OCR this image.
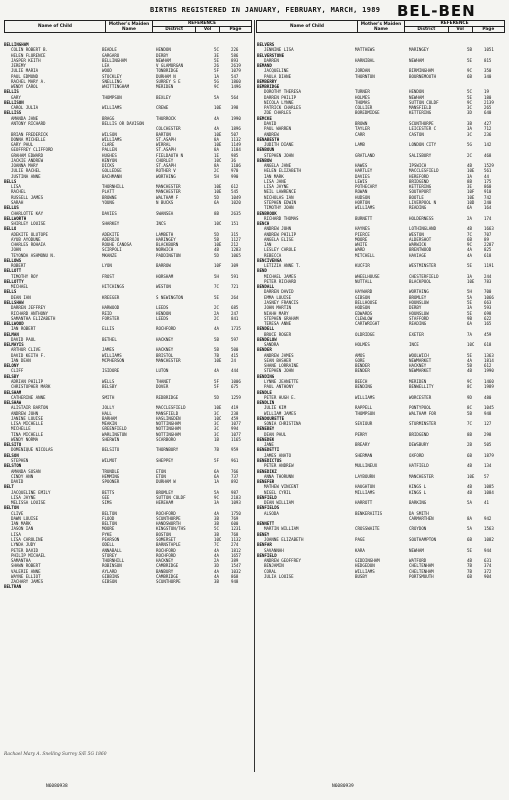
BIRTHS REGISTERED IN JANUARY, FEBRUARY, MARCH, 1989 BEL-BEN
Name of Child	Mother's Maiden Name	REFERENCE		
		District	Vol	Page
Name of Child	Mother's Maiden Name	REFERENCE		
		District	Vol	Page
BELLINGHAM
COLIN ROBERT B.	BEADLE	HENDON	5C	226
HELEN FLORENCE	GARGARO	DERBY	3E	586
JASPER KEITH	BELLINGHAM	NEWHAM	5E	893
JEREMY	LEA	V GLAMORGAN	26	2619
JULIE MARIA	WOOD	TONBRIDGE	5F	1079
PAUL EDMUND	STOCKLEY	DURHAM N	1A	547
RACHEL MARY A.	SNELLING	SURREY S E	5G	1860
WENDY CAROL	WHITTINGHAM	MERIDEN	9C	1496
BELLIS
GARY	THOMPSON	BEXLEY	5A	564
BELLISON
CAROL JULIA	WILLIAMS	CREWE	10E	398
BELLISS
AMANDA JANE	BRAGG	THURROCK	4A	1990
ANTONY RICHARD	BELLIS OR DAVISON
COLCHESTER	4A	1896
BRIAN FREDERICK	WILSON	BARTON	10E	507
DONNA MICHELLE	WILLIAMS	ST.ASAPH	8A	1132
GARY PAUL	CLARE	WIRRAL	10E	1149
GEOFFREY CLIFFORD	PALLEN	ST.ASAPH	8A	1184
GRAHAM EDWARD	HUGHES	FIELDAUTH N	1E	985
JACKIE ANDREW	KENYON	CHORLEY	10C	36
JOANNA MARY	DICKS	ST.ASAPH	8A	1106
JULIE RACHEL	GOLLEDGE	ROTHER V	2C	970
JUSTINA ANNE	BACHMANN	WORTHING	5H	990
BELLS
LISA	THORNHILL	MANCHESTER	10E	612
RACHEL	PLATT	MANCHESTER	10E	545
RUSSELL JAMES	BROWNE	WALTHAM F	5D	1049
SARAH	YOUNG	N BUCKS	6A	1020
BELLUS
CHARLOTTE KAY	DAVIES	SWANSEA	8B	2635
BELLWORTH
SHIRLEY LOUISE	SHARKEY	INCS	10C	151
BELLO
ADEKITE OLUTOPE	ADEKITE	LAMBETH	5D	315
AYUB AYODUNE	ADEROJU	HARINGEY	5B	1127
CHARLES ROHAIA	ROUHE CANOSA	BLACKBURN	10E	212
JOHN	SCIRPOLI	NORWICH	4B	1283
TEYONDA ASHMONU N.	MKANZE	PADDINGTON	5D	1065
BELLOWS
ROBERT	LYON	BARROW	10F	309
BELLOTT
TIMOTHY ROY	FROST	HORSHAM	5H	591
BELLOTTY
MICHAEL	HITCHINGS	WESTON	7C	721
BELLS
DEAN IAN	KREEGER	S NEWINGTON	5E	264
BELLSHAW
DARREN JEFFREY	HARWOOD	LEEDS	2C	685
RICHARD ANTHONY	REID	HENDON	2A	247
SAMANTHA ELIZABETH	FORSTER	LEEDS	2C	841
BELLWOOD
IAN ROBERT	ELLIS	ROCHFORD	4A	1735
BELMAN
DAVID PAUL	BETHEL	HACKNEY	5B	597
BELMAYIS
ARTHUR CLIVE	JAMES	HACKNEY	5B	500
DAVID KEITH F.	WILLIAMS	BRISTOL	7B	415
IAN DEAN	MCPHERSON	MANCHESTER	10E	24
BELONY
CLIFF	ISIDORE	LUTON	4A	444
BELSBY
ADRIAN PHILIP	WELLS	THANET	5F	1006
CHRISTOPHER MARK	BELSBY	DOVER	5F	675
BELSHAM
CATHERINE ANNE	SMITH	REDBRIDGE	5D	1259
BELSHAW
ALISTAIR BARTON	JOLLY	MACCLESFIELD	10E	419
ANDREW JOHN	HALL	MANSFIELD	3C	238
JANINE LOUISE	BARHAM	HASLINGDEN	10C	459
LISA MICHELLE	MEAKIN	NOTTINGHAM	3C	1077
MICHELLE	GREENFIELD	NOTTINGHAM	3C	994
TINA MICHELLE	WARLINGTON	NOTTINGHAM	3C	1077
WENDY NORMA	SHERWIN	SCARBORO	1B	1165
BELSITO
DOMENIQUE NICOLAS	BELSITO	THORNBURY	7B	959
BELSON
STEPHEN	WILMOT	SHEPPEY	5F	961
BELSTON
AMANDA SUSAN	TRUNDLE	ETON	6A	766
CINDY ANN	HEMMING	ETON	6A	737
DAVID	SPOONER	DURHAM W	1A	892
BELT
JACQUELINE EMILY	BETTS	BROMLEY	5A	987
LISA JAYNE	GEE	SUTTON COLDF	9C	2183
MELISSA LOUISE	SIMS	HEREHAM	3A	1093
BELTON
CLIVE	BELTON	ROCHFORD	4A	1750
DAWN LOUISE	FLOOD	SCUNTHORPE	3B	769
IAN MARK	BELTON	HANDSWORTH	3B	600
JASON IAN	MOORE	KINGSTON/THS	5C	1231
LISA	PYKE	BOSTON	3B	768
LISA CAROLINE	PEARSON	SOMERSET	10C	1132
LYNDA JUDY	ODELL	BARNSTAPLE	7C	274
PETER DAVID	ANNABALL	ROCHFORD	4A	1812
PHILIP MICHAEL	STOREY	ROCHFORD	4A	1657
SAMANTHA	THORNHILL	HACKNEY	2A	389
SHAWN ROBERT	ROBINSON	CAMBRIDGE	3D	1547
VALERIE ANNE	AYLARD	BANBURY	4A	1032
WAYNE ELLIOT	GIBBINS	CAMBRIDGE	4A	868
ZACHARY JAMES	GIBSON	SCUNTHORPE	3B	948
BELTRAN
BELVERS
JENNINE LISA	MATTHEWS	MARINGEY	5B	1051
BELVERSTONE
DARREN	HARNIBAL	NEWHAM	5E	815
BEMAND
JACQUELINE	JORDAN	BIRMINGHAM	9C	350
PAULA DIANE	THORNTON	BOURNEMOUTH	6B	340
BEMBERRY
BEMBRIDGE
DOROTHY THERESA	TURNER	HENDON	5C	19
DARREN PHILIP	HOLMES	NEWHAM	5E	180
NICOLA LYNNE	THOMAS	SUTTON COLDF	9C	2139
PATRICK CHARLES	COLLIER	MANSFIELD	3C	265
ZOE CHARLES	BOREDMIDGE	KETTERING	3D	640
BEMCKE
DAVID	BROWN	SCUNTHORPE	3B	427
PAUL WARREN	TAYLER	LEICESTER C	3A	712
ANDREW	CARR	CASTON	3C	236
BENABESTH
JUDITH DIANE	LAMB	LONDON CITY	5G	142
BENBOUN
STEPHEN JOHN	GRATLAND	SALISBURY	2C	468
BENBOW
ANGELA JANE	HAWES	IPSWICH	4B	1529
HELEN ELIZABETH	HARTLEY	MACCLESFIELD	10E	561
IAN MARK	DAVIES	HEREFORD	3A	44
LISA JANE	LEWIS	BRIDGEND	8B	175
LISA JAYNE	POTHECARY	KETTERING	3E	860
NEIL LAWRENCE	ROWAN	SOUTHPORT	10F	910
NICHOLAS IAN	HUDSON	BOOTLE	10E	742
STEPHEN EDWIN	HORTON	LIVERPOOL N	10D	240
TIMOTHY JOHN	WILLIAMS	READING	6A	164
BENBROOK
RICHARD THOMAS	BURNETT	HOLDERNESS	2A	174
BENCH
ANDREW JOHN	HAYNES	LOTHINGLAND	4B	1663
ANDREW PHILIP	PIERCE	WESTON	7C	707
ANGELA ELISE	MOORE	ALDERSHOT	6B	89
IAN	WHITE	WARWICK	9C	2287
LESLEY CAROLE	WARD	BRENTWOOD	4A	825
REBECCA	MITCHELL	HAVIAGE	4A	618
BENCIVENGA
LETIZIA ANNE T.	KUCFIR	WESTMINSTER	5E	1191
BEND
MICHAEL JAMES	WHEELHOUSE	CHESTERFIELD	3A	244
PETER RICHARD	NUTTALL	BLACKPOOL	10E	783
BENDALL
DARREN DAVID	HAYWARD	WORTHING	5H	700
EMMA LOUISE	GIBSON	BROMLEY	5A	1066
JASNEY FRANCIS	BELLHOUSE	HOUNSLOW	5E	663
JOHN MARTIN	HODSON	DERBY	3A	593
NIAHH MARY	EDWARDS	HOUNSLOW	5E	698
STEPHEN GRAHAM	CLEWLOW	STAFFORD	9B	622
TERESA ANNE	CARTWRIGHT	READING	6A	165
BENDELL
BRUCE ROGER	OLDRIDGE	EXETER	7A	459
BENDELOW
SANDRA	HOLMES	INCE	10C	618
BENDER
ANDREW JAMES	AMOS	WOOLWICH	5E	1363
SEAN BASHER	GORE	NEWMARKET	4A	1814
SHANE LORRAINE	BENDER	HACKNEY	5B	612
STEPHEN JOHN	BENDER	NEWMARKET	4B	1990
BENDING
LYNNE JEANETTE	BEECH	MERIDEN	9C	1460
PAUL ANTHONY	BENDING	BENWELLITY	8C	1989
BENDLE
PETER HUGH E.	WILLIAMS	WORCESTER	9D	480
BENDLIN
JULIE KIM	RAPPELL	PONTYPOOL	8C	1045
WILLIAM JAMES	THOMPSON	WALTHAM FOR	5B	948
BENDOURETTE
SONIA CHRISTINA	SEVIOUR	STURMINSTER	7C	127
BENEBEY
DEAN PAUL	PERRY	BRIDGEND	8B	298
BENEDEK
JANE	BREARY	DEWSBURY	2B	505
BENEDETTI
JAMES ANATO	SHERMAN	OXFORD	6B	1879
BENEDICTUS
PETER ANDREW	MULLINEUX	HATFIELD	4B	134
BENEDIKZ
ANNA THORUNN	LAYBOURN	MANCHESTER	10E	57
BENEFER
MATHEW VINCENT	HAUGHTON	KINGS L	4B	1085
NIGEL CYRIL	MILLIAMS	KINGS L	4B	1084
BENFIELD
DEAN WILLIAM	HARROTT	BARKING	5A	41
BENFIELDS
ALSODA	BENKERAITIS	DA SMITH
CARMARTHEN	8A	942
BENNETT
MARTIN WILLIAM	CROSSWAITE	CROYDON	5A	1563
BENEY
JOANNE ELIZABETH	PAGE	SOUTHAMPTON	6B	1082
BENFAR
SAVANNAH	KARA	NEWHAM	5E	944
BENFIELD
ANDREW GEOFFREY	GIDDINGHAM	WATFORD	4B	631
BENJAMIN	HEDGEDON	CHELTENHAM	7B	374
CORAL	WILLIAMS	CHELTENHAM	7B	372
JULIA LOUISE	BUSBY	PORTSMOUTH	6B	904
Rachael Mary A. Snelling Surrey S/E 5G 1860
N6080938	N6080939
